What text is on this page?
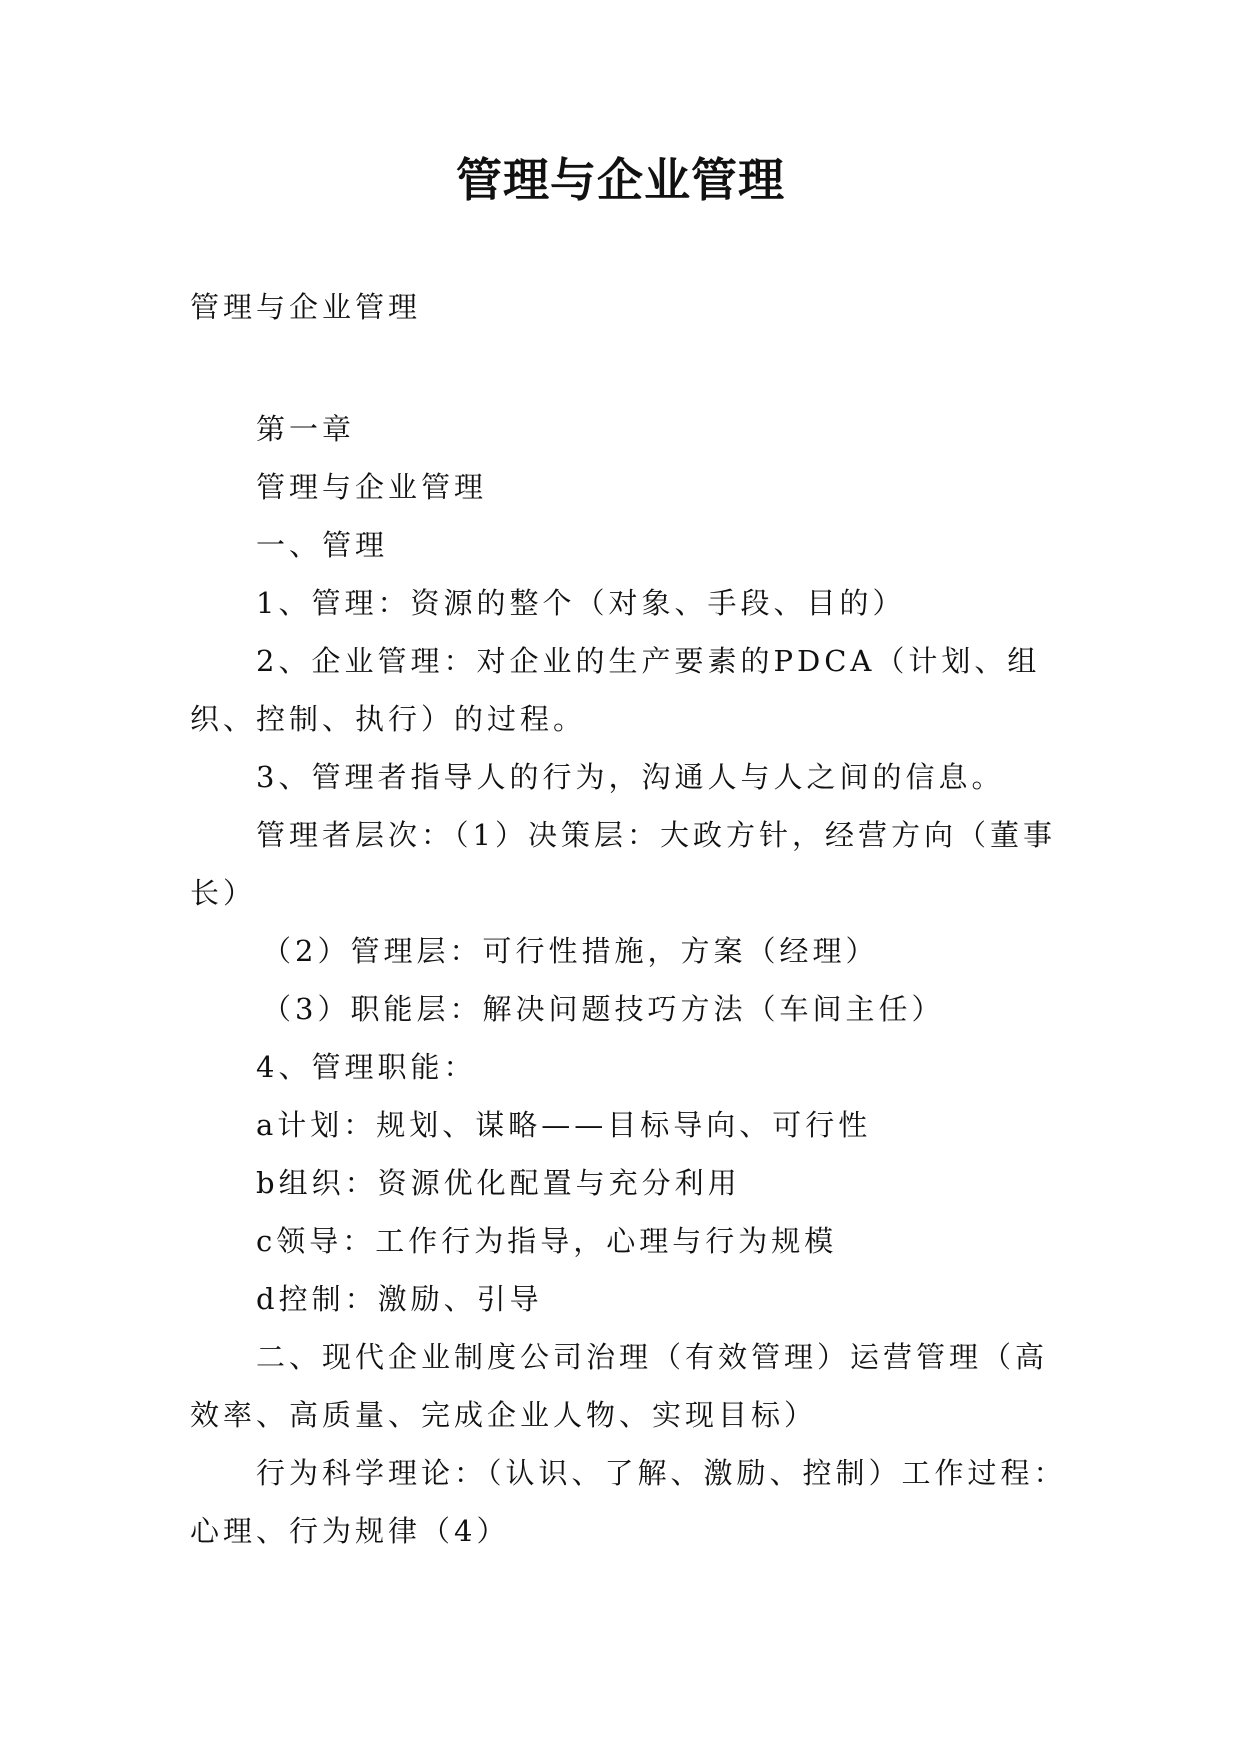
管理与企业管理
管理与企业管理

第一章

管理与企业管理

一、管理

1、管理：资源的整个（对象、手段、目的）

2、企业管理：对企业的生产要素的PDCA（计划、组织、控制、执行）的过程。

3、管理者指导人的行为，沟通人与人之间的信息。

管理者层次：（1）决策层：大政方针，经营方向（董事长）

（2）管理层：可行性措施，方案（经理）

（3）职能层：解决问题技巧方法（车间主任）

4、管理职能：

a计划：规划、谋略——目标导向、可行性

b组织：资源优化配置与充分利用

c领导：工作行为指导，心理与行为规模

d控制：激励、引导

二、现代企业制度公司治理（有效管理）运营管理（高效率、高质量、完成企业人物、实现目标）

行为科学理论：（认识、了解、激励、控制）工作过程：心理、行为规律（4）
